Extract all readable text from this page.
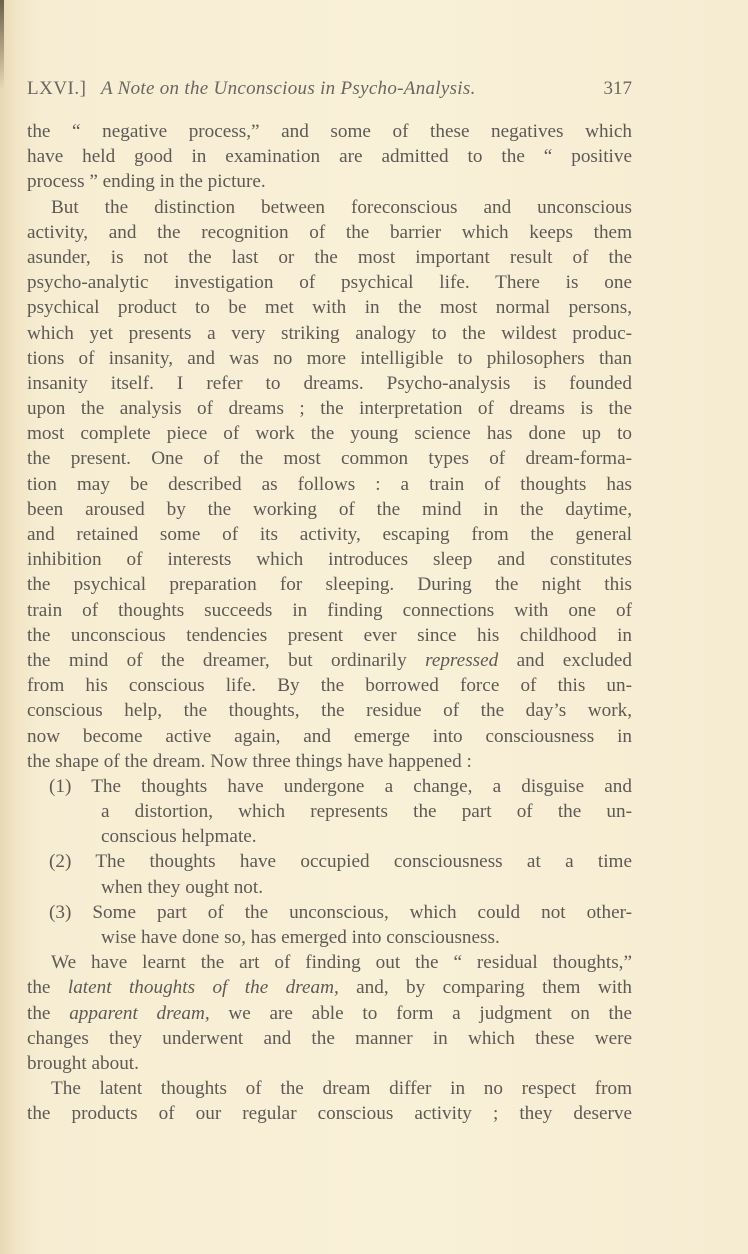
LXVI.] A Note on the Unconscious in Psycho-Analysis.	317
the “ negative process,” and some of these negatives which
have held good in examination are admitted to the “ positive
process ” ending in the picture.
But the distinction between foreconscious and unconscious
activity, and the recognition of the barrier which keeps them
asunder, is not the last or the most important result of the
psycho-analytic investigation of psychical life. There is one
psychical product to be met with in the most normal persons,
which yet presents a very striking analogy to the wildest produc-
tions of insanity, and was no more intelligible to philosophers than
insanity itself. I refer to dreams. Psycho-analysis is founded
upon the analysis of dreams ; the interpretation of dreams is the
most complete piece of work the young science has done up to
the present. One of the most common types of dream-forma-
tion may be described as follows : a train of thoughts has
been aroused by the working of the mind in the daytime,
and retained some of its activity, escaping from the general
inhibition of interests which introduces sleep and constitutes
the psychical preparation for sleeping. During the night this
train of thoughts succeeds in finding connections with one of
the unconscious tendencies present ever since his childhood in
the mind of the dreamer, but ordinarily repressed and excluded
from his conscious life. By the borrowed force of this un-
conscious help, the thoughts, the residue of the day’s work,
now become active again, and emerge into consciousness in
the shape of the dream. Now three things have happened :
(1) The thoughts have undergone a change, a disguise and
a distortion, which represents the part of the un-
conscious helpmate.
(2) The thoughts have occupied consciousness at a time
when they ought not.
(3) Some part of the unconscious, which could not other-
wise have done so, has emerged into consciousness.
We have learnt the art of finding out the “ residual thoughts,”
the latent thoughts of the dream, and, by comparing them with
the apparent dream, we are able to form a judgment on the
changes they underwent and the manner in which these were
brought about.
The latent thoughts of the dream differ in no respect from
the products of our regular conscious activity ; they deserve
